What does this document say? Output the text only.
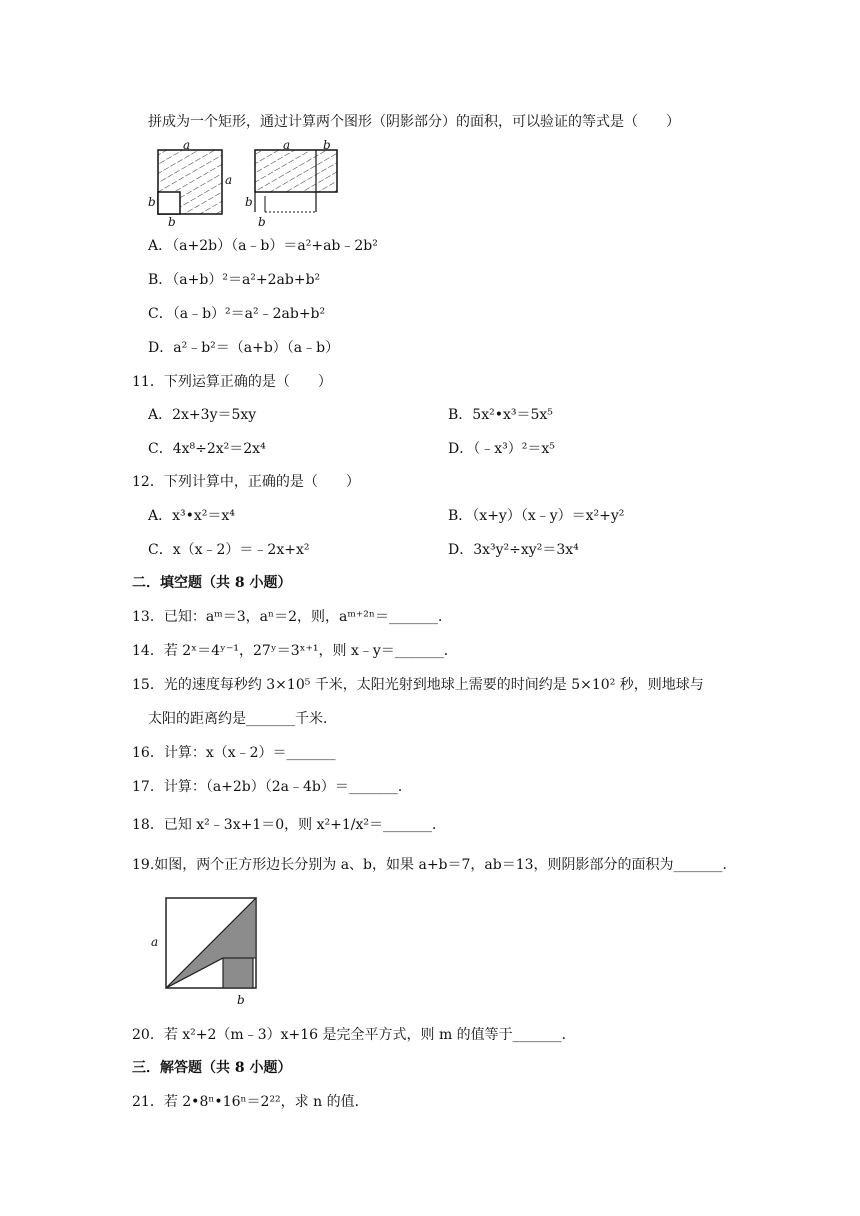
拼成为一个矩形，通过计算两个图形（阴影部分）的面积，可以验证的等式是（　　）
a
a
b
b
a	b
b
b
A．（a+2b）（a﹣b）＝a²+ab﹣2b²
B．（a+b）²＝a²+2ab+b²
C．（a﹣b）²＝a²﹣2ab+b²
D．a²﹣b²＝（a+b）（a﹣b）
11．下列运算正确的是（　　）
A．2x+3y＝5xy	B．5x²•x³＝5x⁵
C．4x⁸÷2x²＝2x⁴	D．（﹣x³）²＝x⁵
12．下列计算中，正确的是（　　）
A．x³•x²＝x⁴	B．（x+y）（x﹣y）＝x²+y²
C．x（x﹣2）＝﹣2x+x²	D．3x³y²÷xy²＝3x⁴
二．填空题（共 8 小题）
13．已知：aᵐ＝3，aⁿ＝2，则，aᵐ⁺²ⁿ＝_______．
14．若 2ˣ＝4ʸ⁻¹，27ʸ＝3ˣ⁺¹，则 x﹣y＝_______．
15．光的速度每秒约 3×10⁵ 千米，太阳光射到地球上需要的时间约是 5×10² 秒，则地球与
太阳的距离约是_______千米．
16．计算：x（x﹣2）＝_______
17．计算：（a+2b）（2a﹣4b）＝_______．
18．已知 x²﹣3x+1＝0，则 x²+1/x²＝_______．
19.如图，两个正方形边长分别为 a、b，如果 a+b＝7，ab＝13，则阴影部分的面积为_______．
a
b
20．若 x²+2（m﹣3）x+16 是完全平方式，则 m 的值等于_______．
三．解答题（共 8 小题）
21．若 2•8ⁿ•16ⁿ＝2²²，求 n 的值．
